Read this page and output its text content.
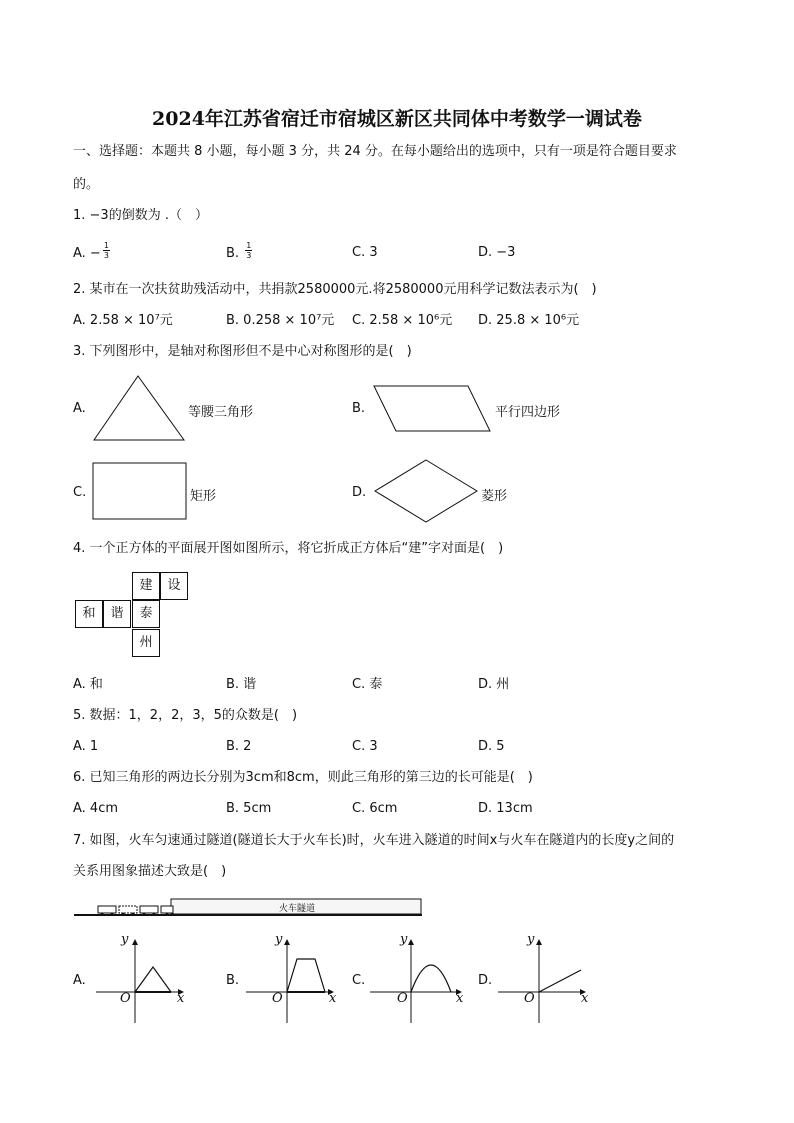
2024年江苏省宿迁市宿城区新区共同体中考数学一调试卷
一、选择题：本题共 8 小题，每小题 3 分，共 24 分。在每小题给出的选项中，只有一项是符合题目要求
的。
1. −3的倒数为 .（　）
A. − $\frac{1}{3}$	B. $\frac{1}{3}$	C. 3	D. −3
2. 某市在一次扶贫助残活动中，共捐款2580000元.将2580000元用科学记数法表示为(　)
A. 2.58 × 10⁷元	B. 0.258 × 10⁷元 C. 2.58 × 10⁶元 D. 25.8 × 10⁶元
3. 下列图形中，是轴对称图形但不是中心对称图形的是(　)
A.	等腰三角形	B.	平行四边形
C.	矩形	D.	菱形
4. 一个正方体的平面展开图如图所示，将它折成正方体后“建”字对面是(　)
建	设
和	谐	泰
州
A. 和	B. 谐	C. 泰	D. 州
5. 数据：1，2，2，3，5的众数是(　)
A. 1	B. 2	C. 3	D. 5
6. 已知三角形的两边长分别为3cm和8cm，则此三角形的第三边的长可能是(　)
A. 4cm	B. 5cm	C. 6cm	D. 13cm
7. 如图，火车匀速通过隧道(隧道长大于火车长)时，火车进入隧道的时间x与火车在隧道内的长度y之间的
关系用图象描述大致是(　)
火车隧道
A.
y
x
O
B.
y
x
O
C.
y
x
O
D.
y
x
O
